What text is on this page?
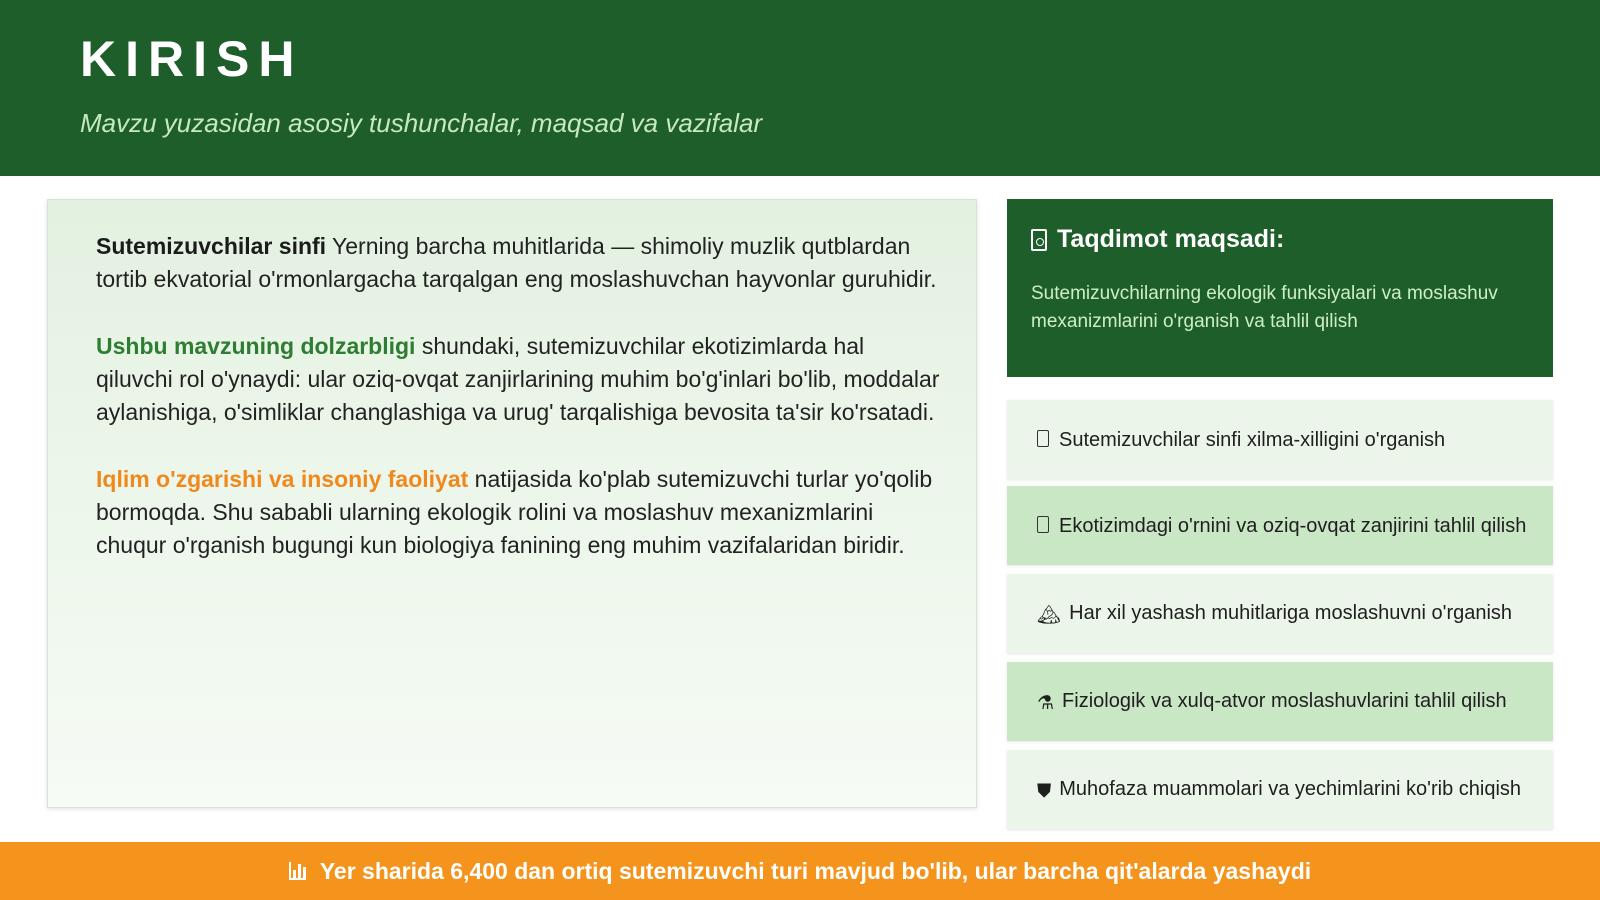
KIRISH
Mavzu yuzasidan asosiy tushunchalar, maqsad va vazifalar

Sutemizuvchilar sinfi Yerning barcha muhitlarida — shimoliy muzlik qutblardan tortib ekvatorial o'rmonlargacha tarqalgan eng moslashuvchan hayvonlar guruhidir.

Ushbu mavzuning dolzarbligi shundaki, sutemizuvchilar ekotizimlarda hal qiluvchi rol o'ynaydi: ular oziq-ovqat zanjirlarining muhim bo'g'inlari bo'lib, moddalar aylanishiga, o'simliklar changlashiga va urug' tarqalishiga bevosita ta'sir ko'rsatadi.

Iqlim o'zgarishi va insoniy faoliyat natijasida ko'plab sutemizuvchi turlar yo'qolib bormoqda. Shu sababli ularning ekologik rolini va moslashuv mexanizmlarini chuqur o'rganish bugungi kun biologiya fanining eng muhim vazifalaridan biridir.

Taqdimot maqsadi:
Sutemizuvchilarning ekologik funksiyalari va moslashuv mexanizmlarini o'rganish va tahlil qilish
Sutemizuvchilar sinfi xilma-xilligini o'rganish
Ekotizimdagi o'rnini va oziq-ovqat zanjirini tahlil qilish
🏔 Har xil yashash muhitlariga moslashuvni o'rganish
⚗ Fiziologik va xulq-atvor moslashuvlarini tahlil qilish
⛊ Muhofaza muammolari va yechimlarini ko'rib chiqish
Yer sharida 6,400 dan ortiq sutemizuvchi turi mavjud bo'lib, ular barcha qit'alarda yashaydi
